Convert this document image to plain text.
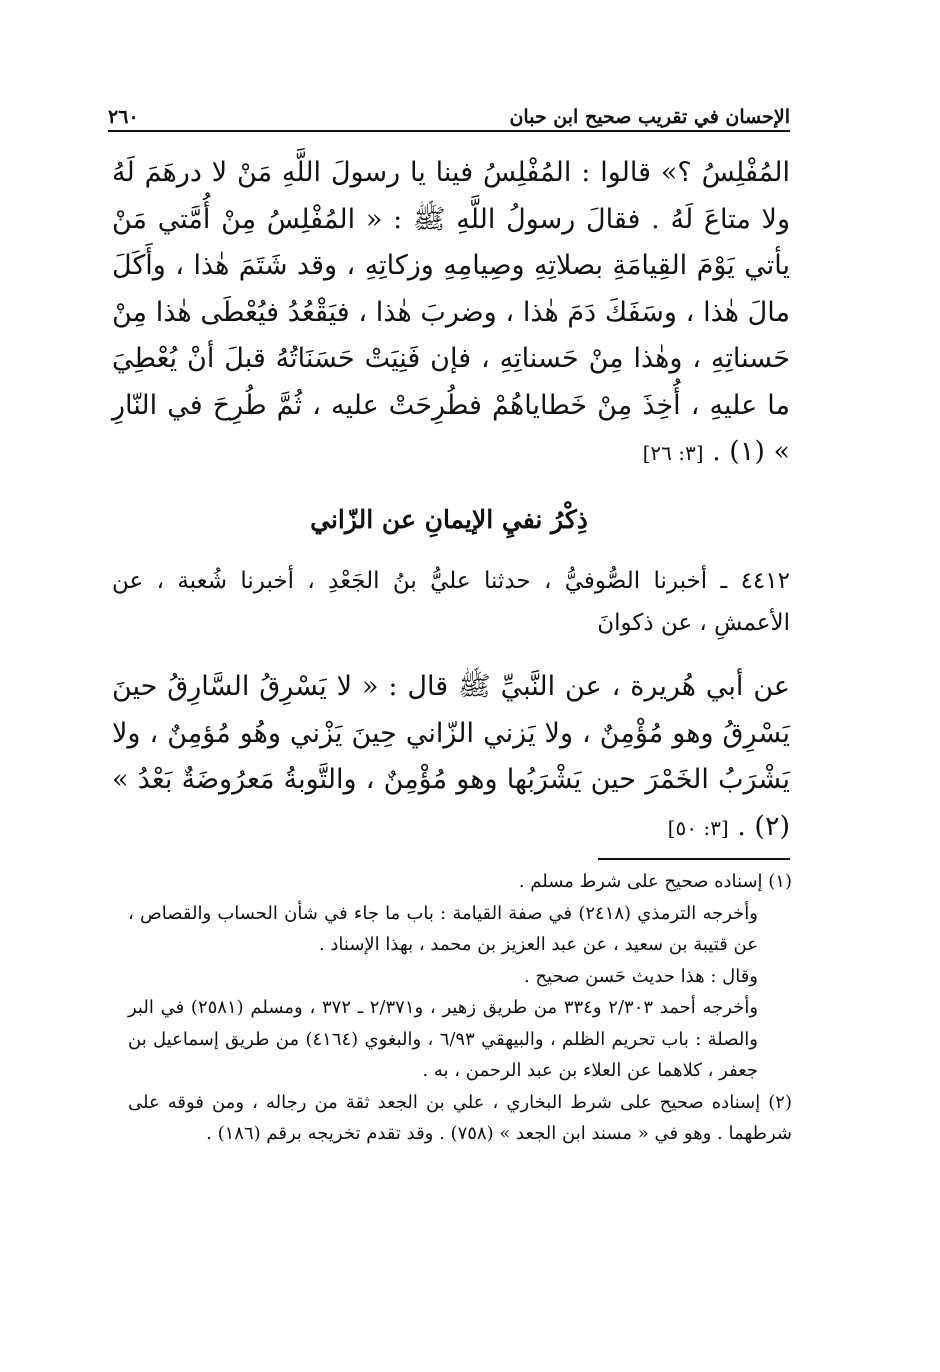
الإحسان في تقريب صحيح ابن حبان
٢٦٠

المُفْلِسُ ؟» قالوا : المُفْلِسُ فينا يا رسولَ اللَّهِ مَنْ لا درهَمَ لَهُ ولا متاعَ لَهُ . فقالَ رسولُ اللَّهِ ﷺ : « المُفْلِسُ مِنْ أُمَّتي مَنْ يأتي يَوْمَ القِيامَةِ بصلاتِهِ وصِيامِهِ وزكاتِهِ ، وقد شَتَمَ هٰذا ، وأَكَلَ مالَ هٰذا ، وسَفَكَ دَمَ هٰذا ، وضربَ هٰذا ، فيَقْعُدُ فيُعْطَى هٰذا مِنْ حَسناتِهِ ، وهٰذا مِنْ حَسناتِهِ ، فإن فَنِيَتْ حَسَنَاتُهُ قبلَ أنْ يُعْطِيَ ما عليهِ ، أُخِذَ مِنْ خَطاياهُمْ فطُرِحَتْ عليه ، ثُمَّ طُرِحَ في النّارِ » (١) . [٣: ٢٦]

ذِكْرُ نفيِ الإيمانِ عن الزّاني

٤٤١٢ ـ أخبرنا الصُّوفيُّ ، حدثنا عليُّ بنُ الجَعْدِ ، أخبرنا شُعبة ، عن الأعمشِ ، عن ذكوانَ

عن أبي هُريرة ، عن النَّبيِّ ﷺ قال : « لا يَسْرِقُ السَّارِقُ حينَ يَسْرِقُ وهو مُؤْمِنٌ ، ولا يَزني الزّاني حِينَ يَزْني وهُو مُؤمِنٌ ، ولا يَشْرَبُ الخَمْرَ حين يَشْرَبُها وهو مُؤْمِنٌ ، والتَّوبةُ مَعرُوضَةٌ بَعْدُ » (٢) . [٣: ٥٠]

(١) إسناده صحيح على شرط مسلم .

وأخرجه الترمذي (٢٤١٨) في صفة القيامة : باب ما جاء في شأن الحساب والقصاص ، عن قتيبة بن سعيد ، عن عبد العزيز بن محمد ، بهذا الإسناد .

وقال : هذا حديث حَسن صحيح .

وأخرجه أحمد ٢/٣٠٣ و٣٣٤ من طريق زهير ، و٢/٣٧١ ـ ٣٧٢ ، ومسلم (٢٥٨١) في البر والصلة : باب تحريم الظلم ، والبيهقي ٦/٩٣ ، والبغوي (٤١٦٤) من طريق إسماعيل بن جعفر ، كلاهما عن العلاء بن عبد الرحمن ، به .

(٢) إسناده صحيح على شرط البخاري ، علي بن الجعد ثقة من رجاله ، ومن فوقه على شرطهما . وهو في « مسند ابن الجعد » (٧٥٨) . وقد تقدم تخريجه برقم (١٨٦) .
